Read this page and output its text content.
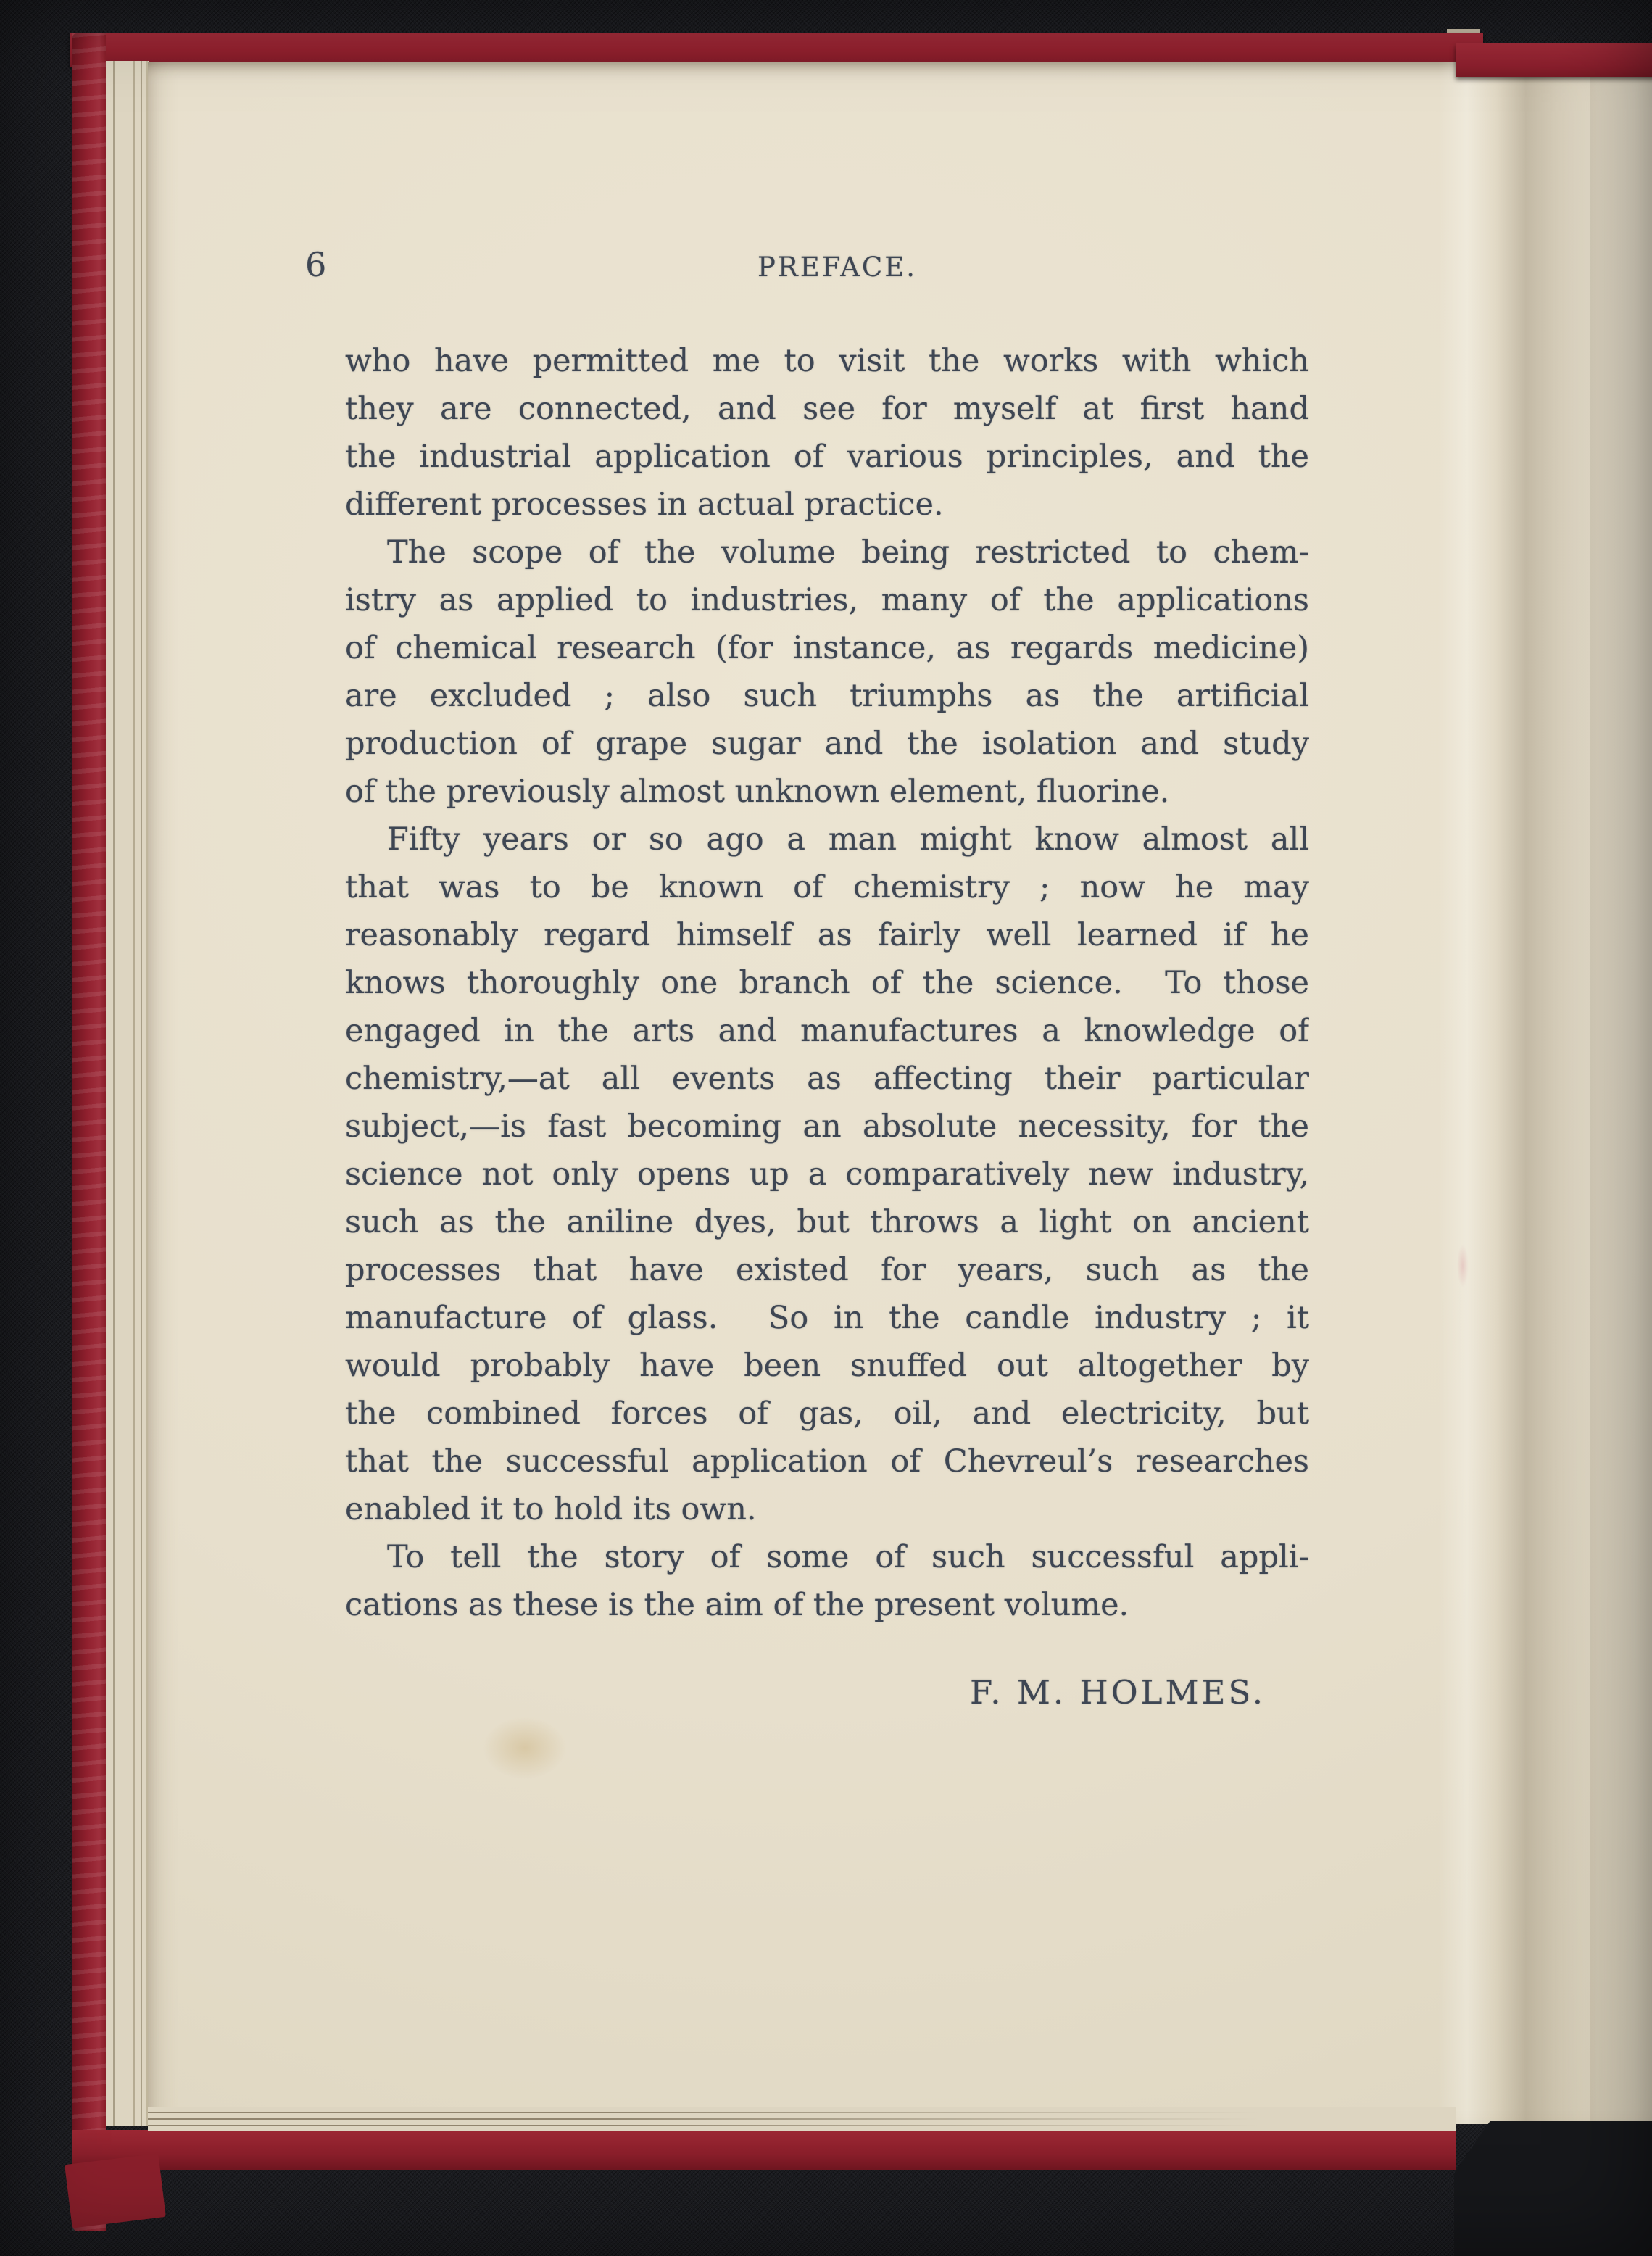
6	PREFACE.
who have permitted me to visit the works with which
they are connected, and see for myself at first hand
the industrial application of various principles, and the
different processes in actual practice.
The scope of the volume being restricted to chem-
istry as applied to industries, many of the applications
of chemical research (for instance, as regards medicine)
are excluded ; also such triumphs as the artificial
production of grape sugar and the isolation and study
of the previously almost unknown element, fluorine.
Fifty years or so ago a man might know almost all
that was to be known of chemistry ; now he may
reasonably regard himself as fairly well learned if he
knows thoroughly one branch of the science.  To those
engaged in the arts and manufactures a knowledge of
chemistry,—at all events as affecting their particular
subject,—is fast becoming an absolute necessity, for the
science not only opens up a comparatively new industry,
such as the aniline dyes, but throws a light on ancient
processes that have existed for years, such as the
manufacture of glass.  So in the candle industry ; it
would probably have been snuffed out altogether by
the combined forces of gas, oil, and electricity, but
that the successful application of Chevreul’s researches
enabled it to hold its own.
To tell the story of some of such successful appli-
cations as these is the aim of the present volume.
F. M. HOLMES.
